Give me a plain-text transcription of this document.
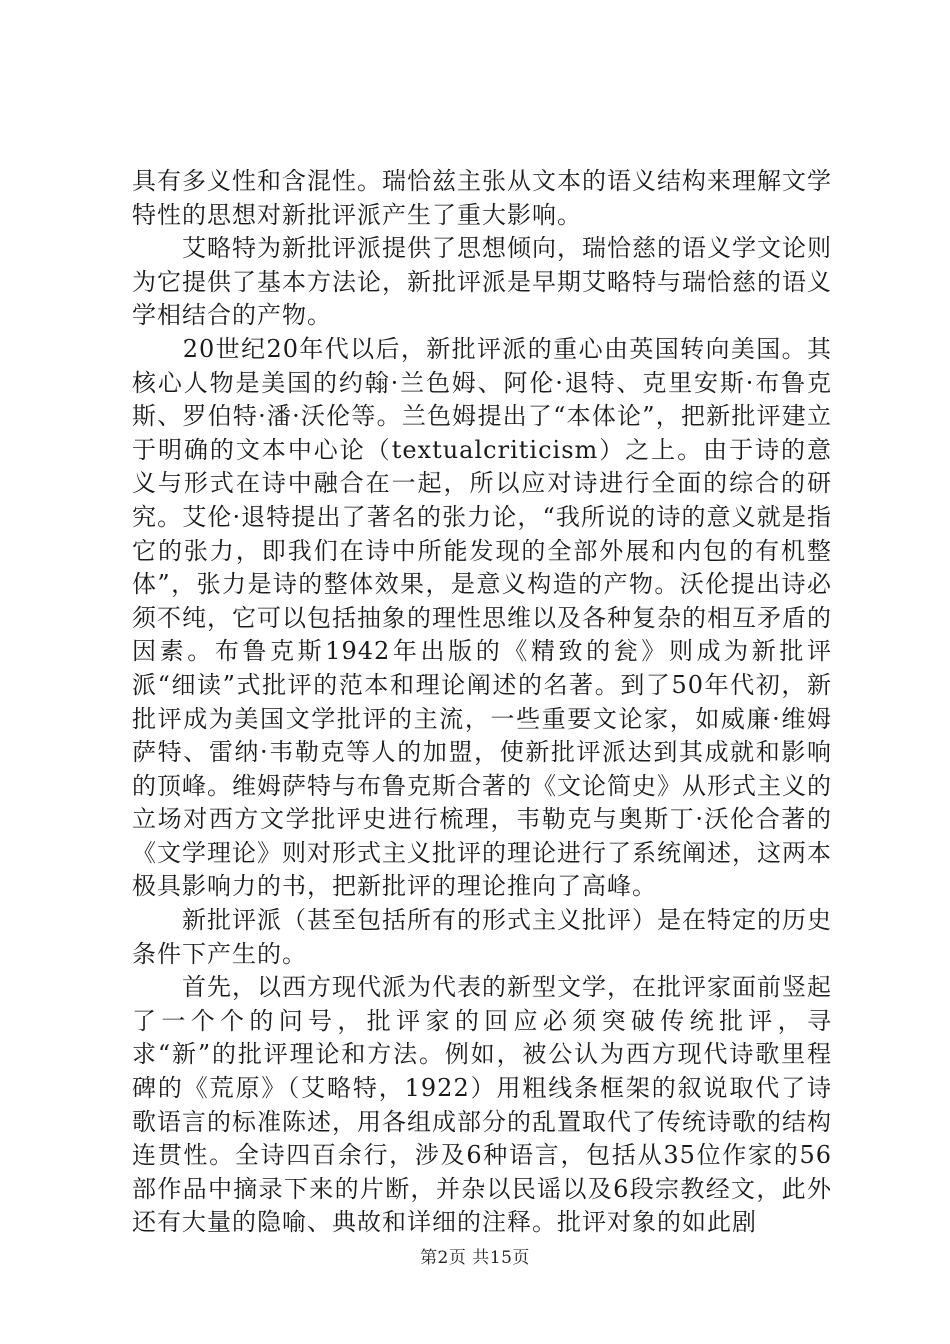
具有多义性和含混性。瑞恰兹主张从文本的语义结构来理解文学特性的思想对新批评派产生了重大影响。

　　艾略特为新批评派提供了思想倾向，瑞恰慈的语义学文论则为它提供了基本方法论，新批评派是早期艾略特与瑞恰慈的语义学相结合的产物。

　　20世纪20年代以后，新批评派的重心由英国转向美国。其核心人物是美国的约翰·兰色姆、阿伦·退特、克里安斯·布鲁克斯、罗伯特·潘·沃伦等。兰色姆提出了“本体论”，把新批评建立于明确的文本中心论（textualcriticism）之上。由于诗的意义与形式在诗中融合在一起，所以应对诗进行全面的综合的研究。艾伦·退特提出了著名的张力论，“我所说的诗的意义就是指它的张力，即我们在诗中所能发现的全部外展和内包的有机整体”，张力是诗的整体效果，是意义构造的产物。沃伦提出诗必须不纯，它可以包括抽象的理性思维以及各种复杂的相互矛盾的因素。布鲁克斯1942年出版的《精致的瓮》则成为新批评派“细读”式批评的范本和理论阐述的名著。到了50年代初，新批评成为美国文学批评的主流，一些重要文论家，如威廉·维姆萨特、雷纳·韦勒克等人的加盟，使新批评派达到其成就和影响的顶峰。维姆萨特与布鲁克斯合著的《文论简史》从形式主义的立场对西方文学批评史进行梳理，韦勒克与奥斯丁·沃伦合著的《文学理论》则对形式主义批评的理论进行了系统阐述，这两本极具影响力的书，把新批评的理论推向了高峰。

　　新批评派（甚至包括所有的形式主义批评）是在特定的历史条件下产生的。

　　首先，以西方现代派为代表的新型文学，在批评家面前竖起了一个个的问号，批评家的回应必须突破传统批评，寻求“新”的批评理论和方法。例如，被公认为西方现代诗歌里程碑的《荒原》（艾略特，1922）用粗线条框架的叙说取代了诗歌语言的标准陈述，用各组成部分的乱置取代了传统诗歌的结构连贯性。全诗四百余行，涉及6种语言，包括从35位作家的56部作品中摘录下来的片断，并杂以民谣以及6段宗教经文，此外还有大量的隐喻、典故和详细的注释。批评对象的如此剧

第2页 共15页
